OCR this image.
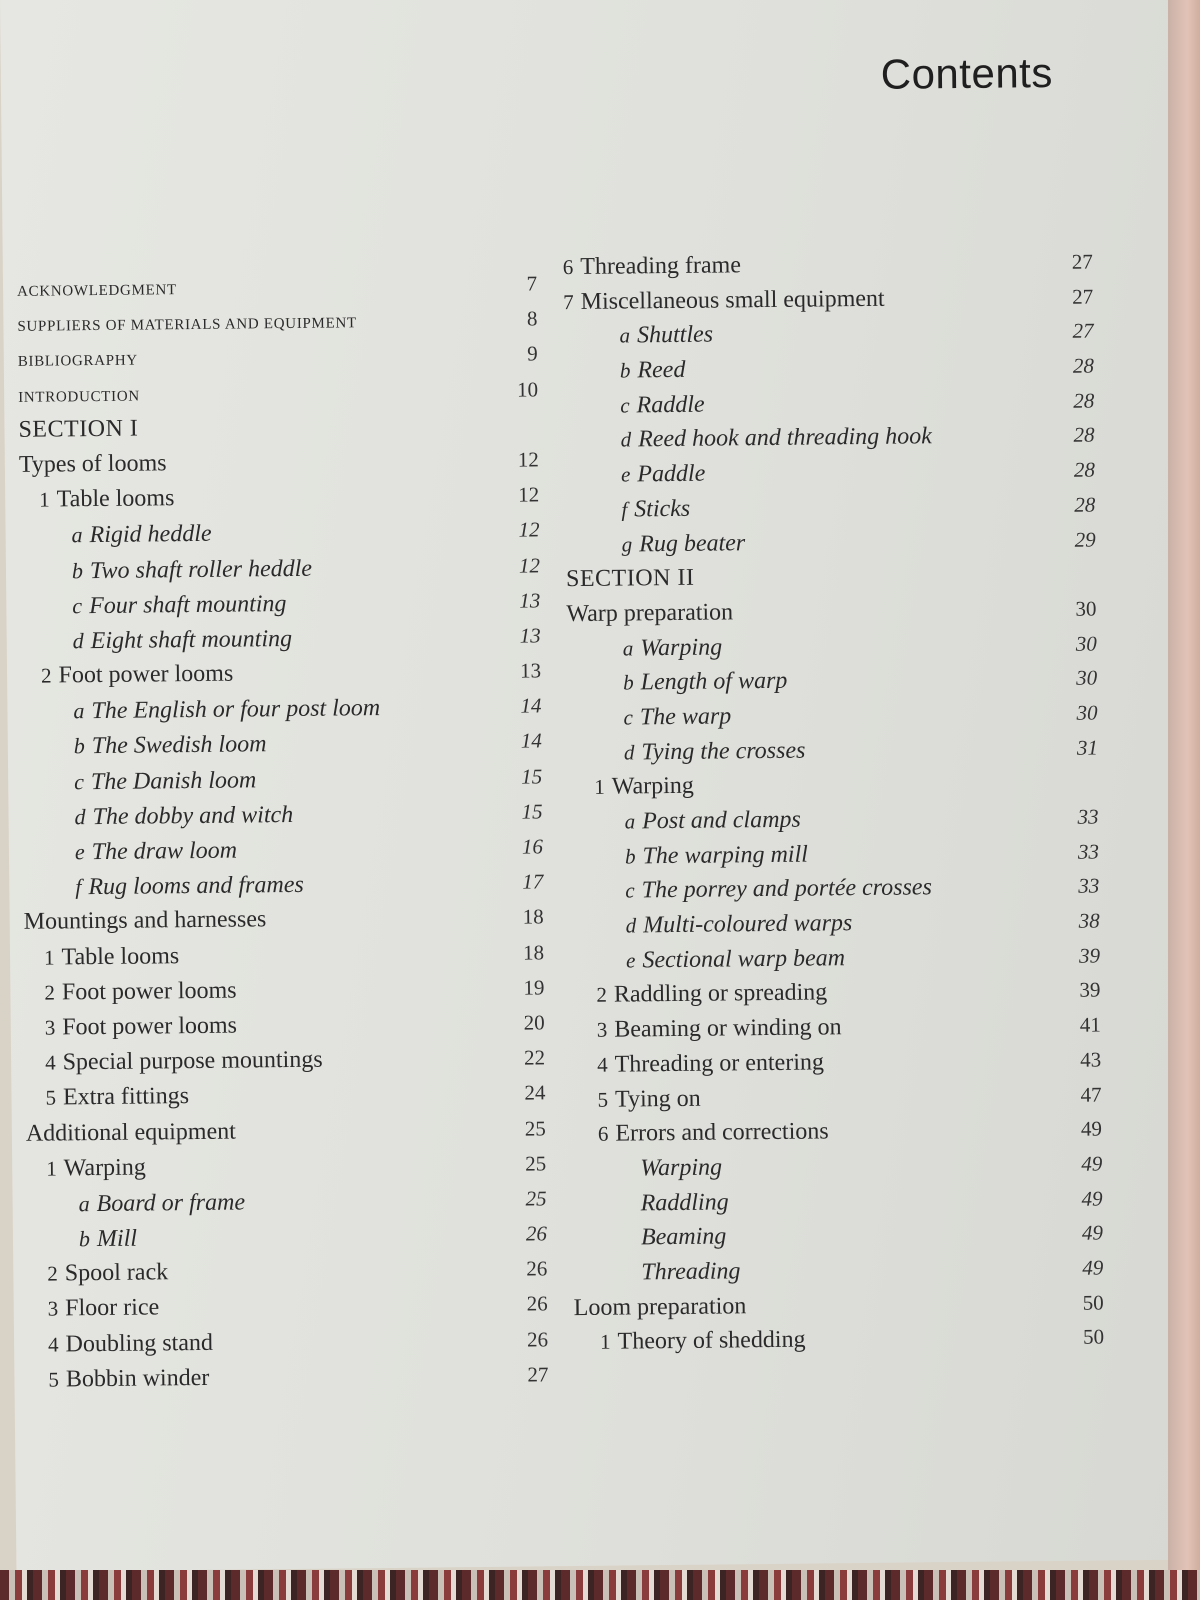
Contents
ACKNOWLEDGMENT	7
SUPPLIERS OF MATERIALS AND EQUIPMENT	8
BIBLIOGRAPHY	9
INTRODUCTION	10
SECTION I
Types of looms	12
1 Table looms	12
a Rigid heddle	12
b Two shaft roller heddle	12
c Four shaft mounting	13
d Eight shaft mounting	13
2 Foot power looms	13
a The English or four post loom	14
b The Swedish loom	14
c The Danish loom	15
d The dobby and witch	15
e The draw loom	16
f Rug looms and frames	17
Mountings and harnesses	18
1 Table looms	18
2 Foot power looms	19
3 Foot power looms	20
4 Special purpose mountings	22
5 Extra fittings	24
Additional equipment	25
1 Warping	25
a Board or frame	25
b Mill	26
2 Spool rack	26
3 Floor rice	26
4 Doubling stand	26
5 Bobbin winder	27
6 Threading frame	27
7 Miscellaneous small equipment	27
a Shuttles	27
b Reed	28
c Raddle	28
d Reed hook and threading hook	28
e Paddle	28
f Sticks	28
g Rug beater	29
SECTION II
Warp preparation	30
a Warping	30
b Length of warp	30
c The warp	30
d Tying the crosses	31
1 Warping
a Post and clamps	33
b The warping mill	33
c The porrey and portée crosses	33
d Multi-coloured warps	38
e Sectional warp beam	39
2 Raddling or spreading	39
3 Beaming or winding on	41
4 Threading or entering	43
5 Tying on	47
6 Errors and corrections	49
Warping	49
Raddling	49
Beaming	49
Threading	49
Loom preparation	50
1 Theory of shedding	50
